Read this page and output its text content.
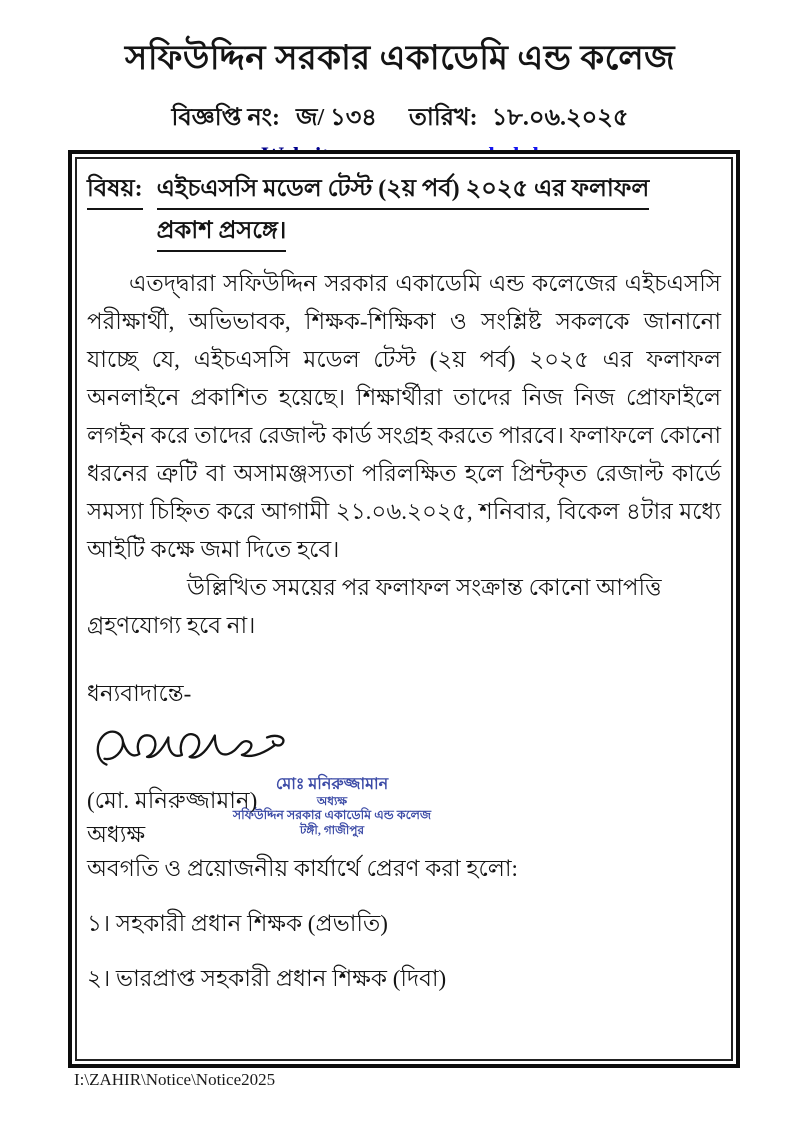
সফিউদ্দিন সরকার একাডেমি এন্ড কলেজ
বিজ্ঞপ্তি নং: জ/ ১৩৪ তারিখ: ১৮.০৬.২০২৫
বিষয়: এইচএসসি মডেল টেস্ট (২য় পর্ব) ২০২৫ এর ফলাফল
প্রকাশ প্রসঙ্গে।

এতদ্দ্বারা সফিউদ্দিন সরকার একাডেমি এন্ড কলেজের এইচএসসি পরীক্ষার্থী, অভিভাবক, শিক্ষক-শিক্ষিকা ও সংশ্লিষ্ট সকলকে জানানো যাচ্ছে যে, এইচএসসি মডেল টেস্ট (২য় পর্ব) ২০২৫ এর ফলাফল অনলাইনে প্রকাশিত হয়েছে। শিক্ষার্থীরা তাদের নিজ নিজ প্রোফাইলে লগইন করে তাদের রেজাল্ট কার্ড সংগ্রহ করতে পারবে। ফলাফলে কোনো ধরনের ত্রুটি বা অসামঞ্জস্যতা পরিলক্ষিত হলে প্রিন্টকৃত রেজাল্ট কার্ডে সমস্যা চিহ্নিত করে আগামী ২১.০৬.২০২৫, শনিবার, বিকেল ৪টার মধ্যে আইটি কক্ষে জমা দিতে হবে।

উল্লিখিত সময়ের পর ফলাফল সংক্রান্ত কোনো আপত্তি গ্রহণযোগ্য হবে না।

ধন্যবাদান্তে-
মোঃ মনিরুজ্জামান
অধ্যক্ষ
সফিউদ্দিন সরকার একাডেমি এন্ড কলেজ
টঙ্গী, গাজীপুর
(মো. মনিরুজ্জামান)
অধ্যক্ষ
অবগতি ও প্রয়োজনীয় কার্যার্থে প্রেরণ করা হলো:
১। সহকারী প্রধান শিক্ষক (প্রভাতি)
২। ভারপ্রাপ্ত সহকারী প্রধান শিক্ষক (দিবা)
I:\ZAHIR\Notice\Notice2025
